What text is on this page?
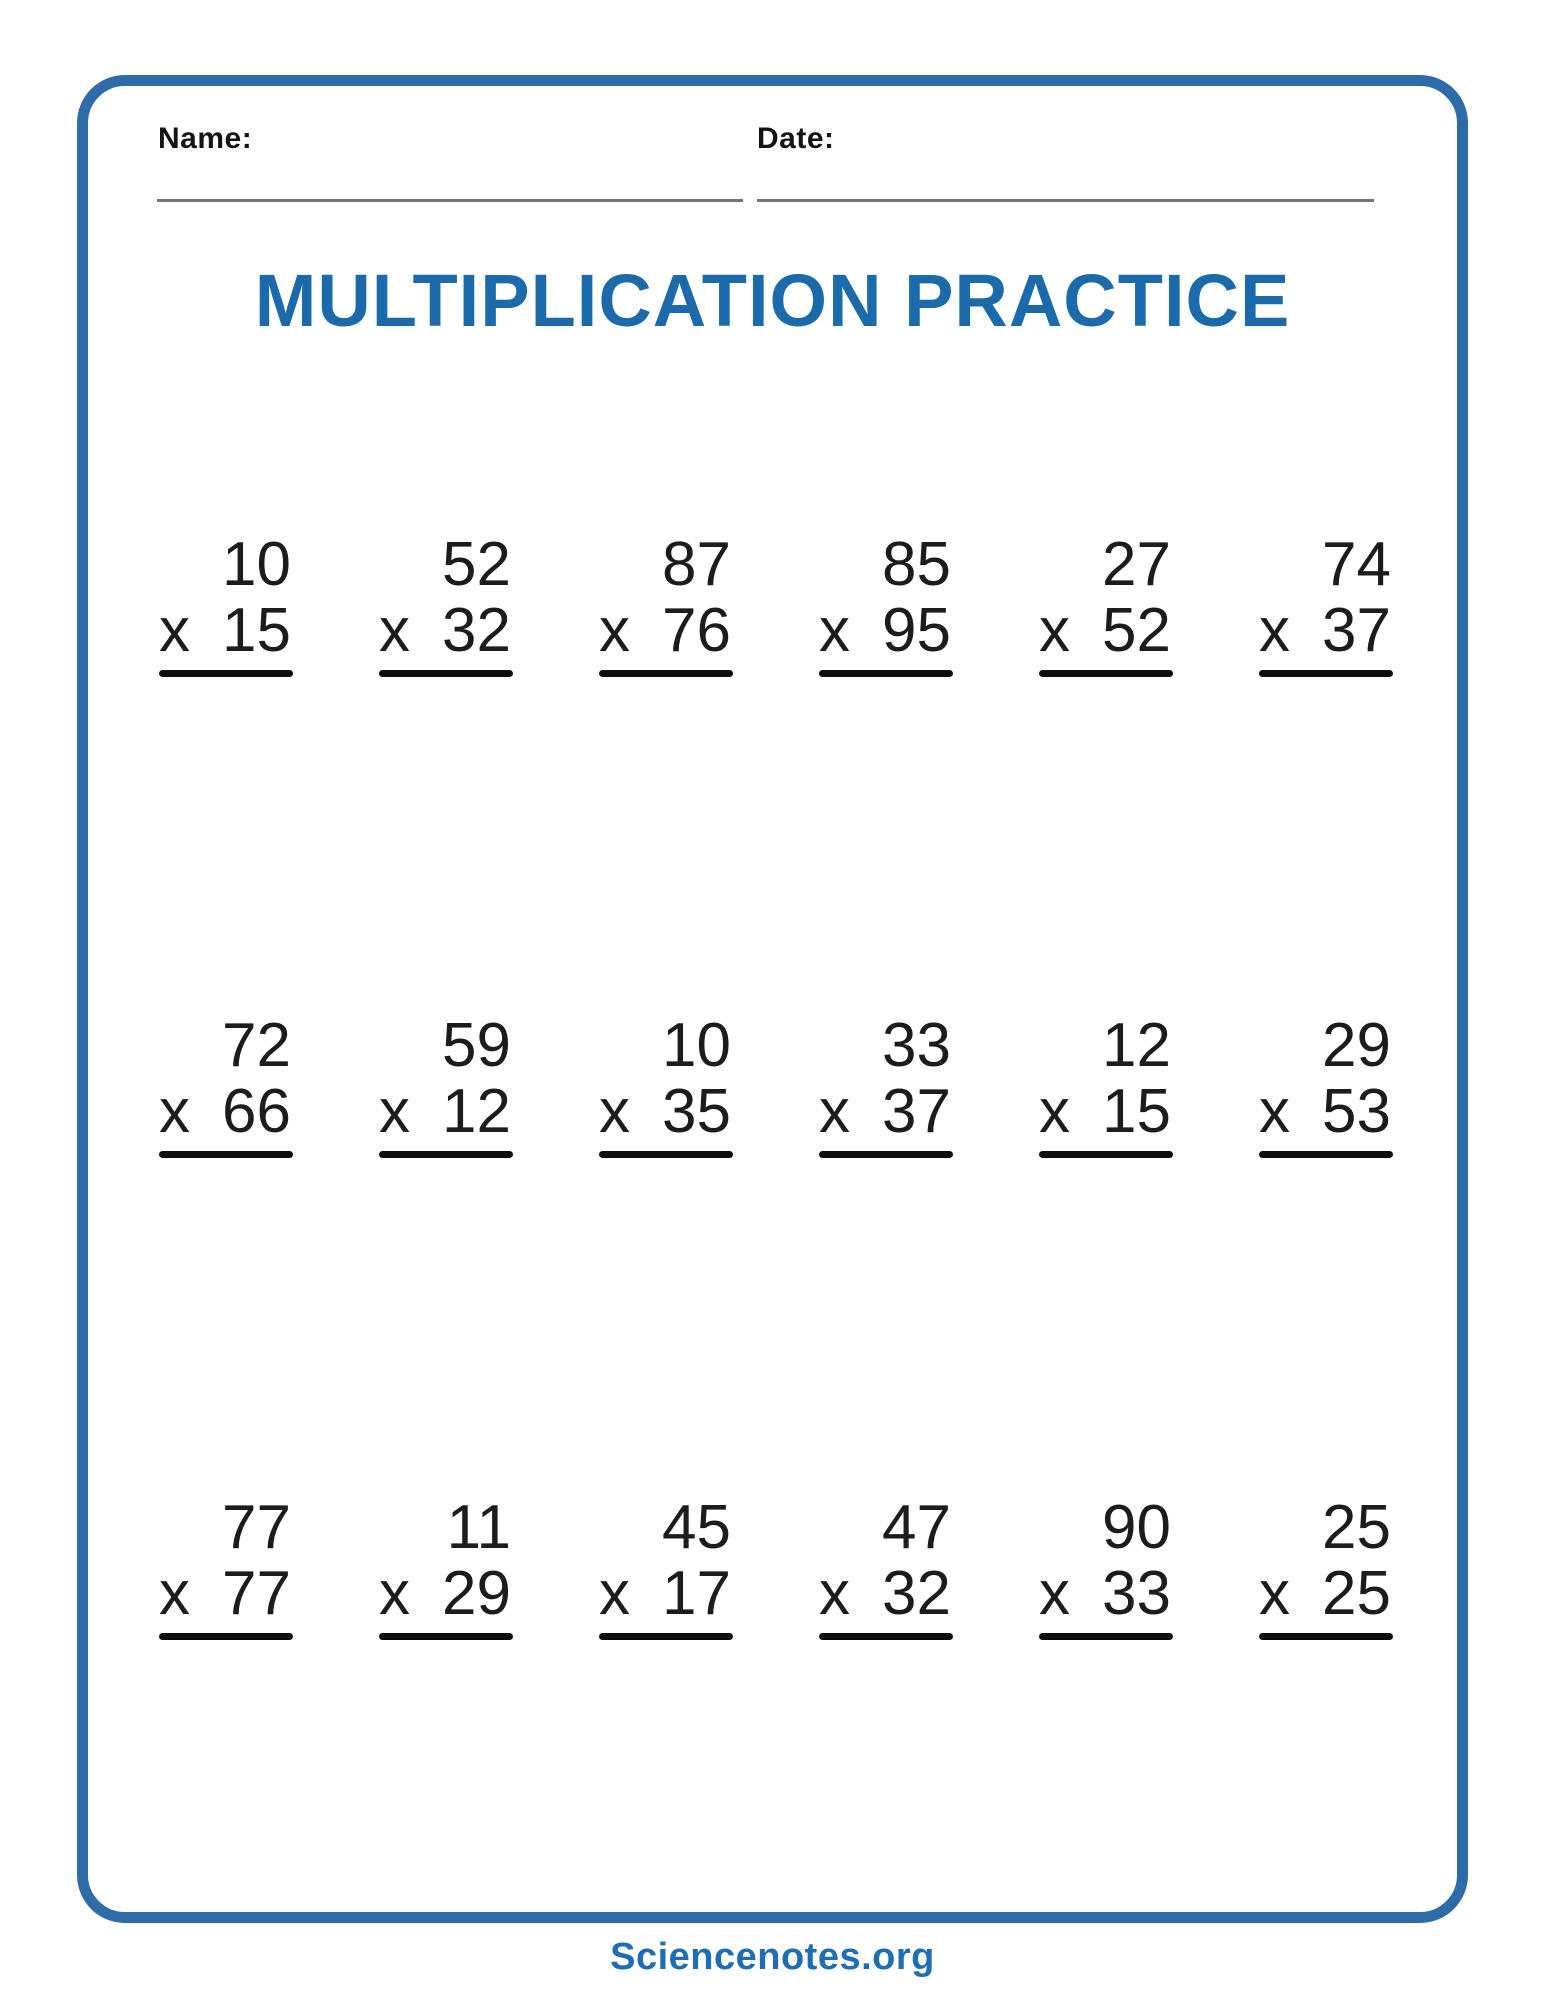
Name:	Date:
MULTIPLICATION PRACTICE
10
x 15
52
x 32
87
x 76
85
x 95
27
x 52
74
x 37
72
x 66
59
x 12
10
x 35
33
x 37
12
x 15
29
x 53
77
x 77
11
x 29
45
x 17
47
x 32
90
x 33
25
x 25
Sciencenotes.org
